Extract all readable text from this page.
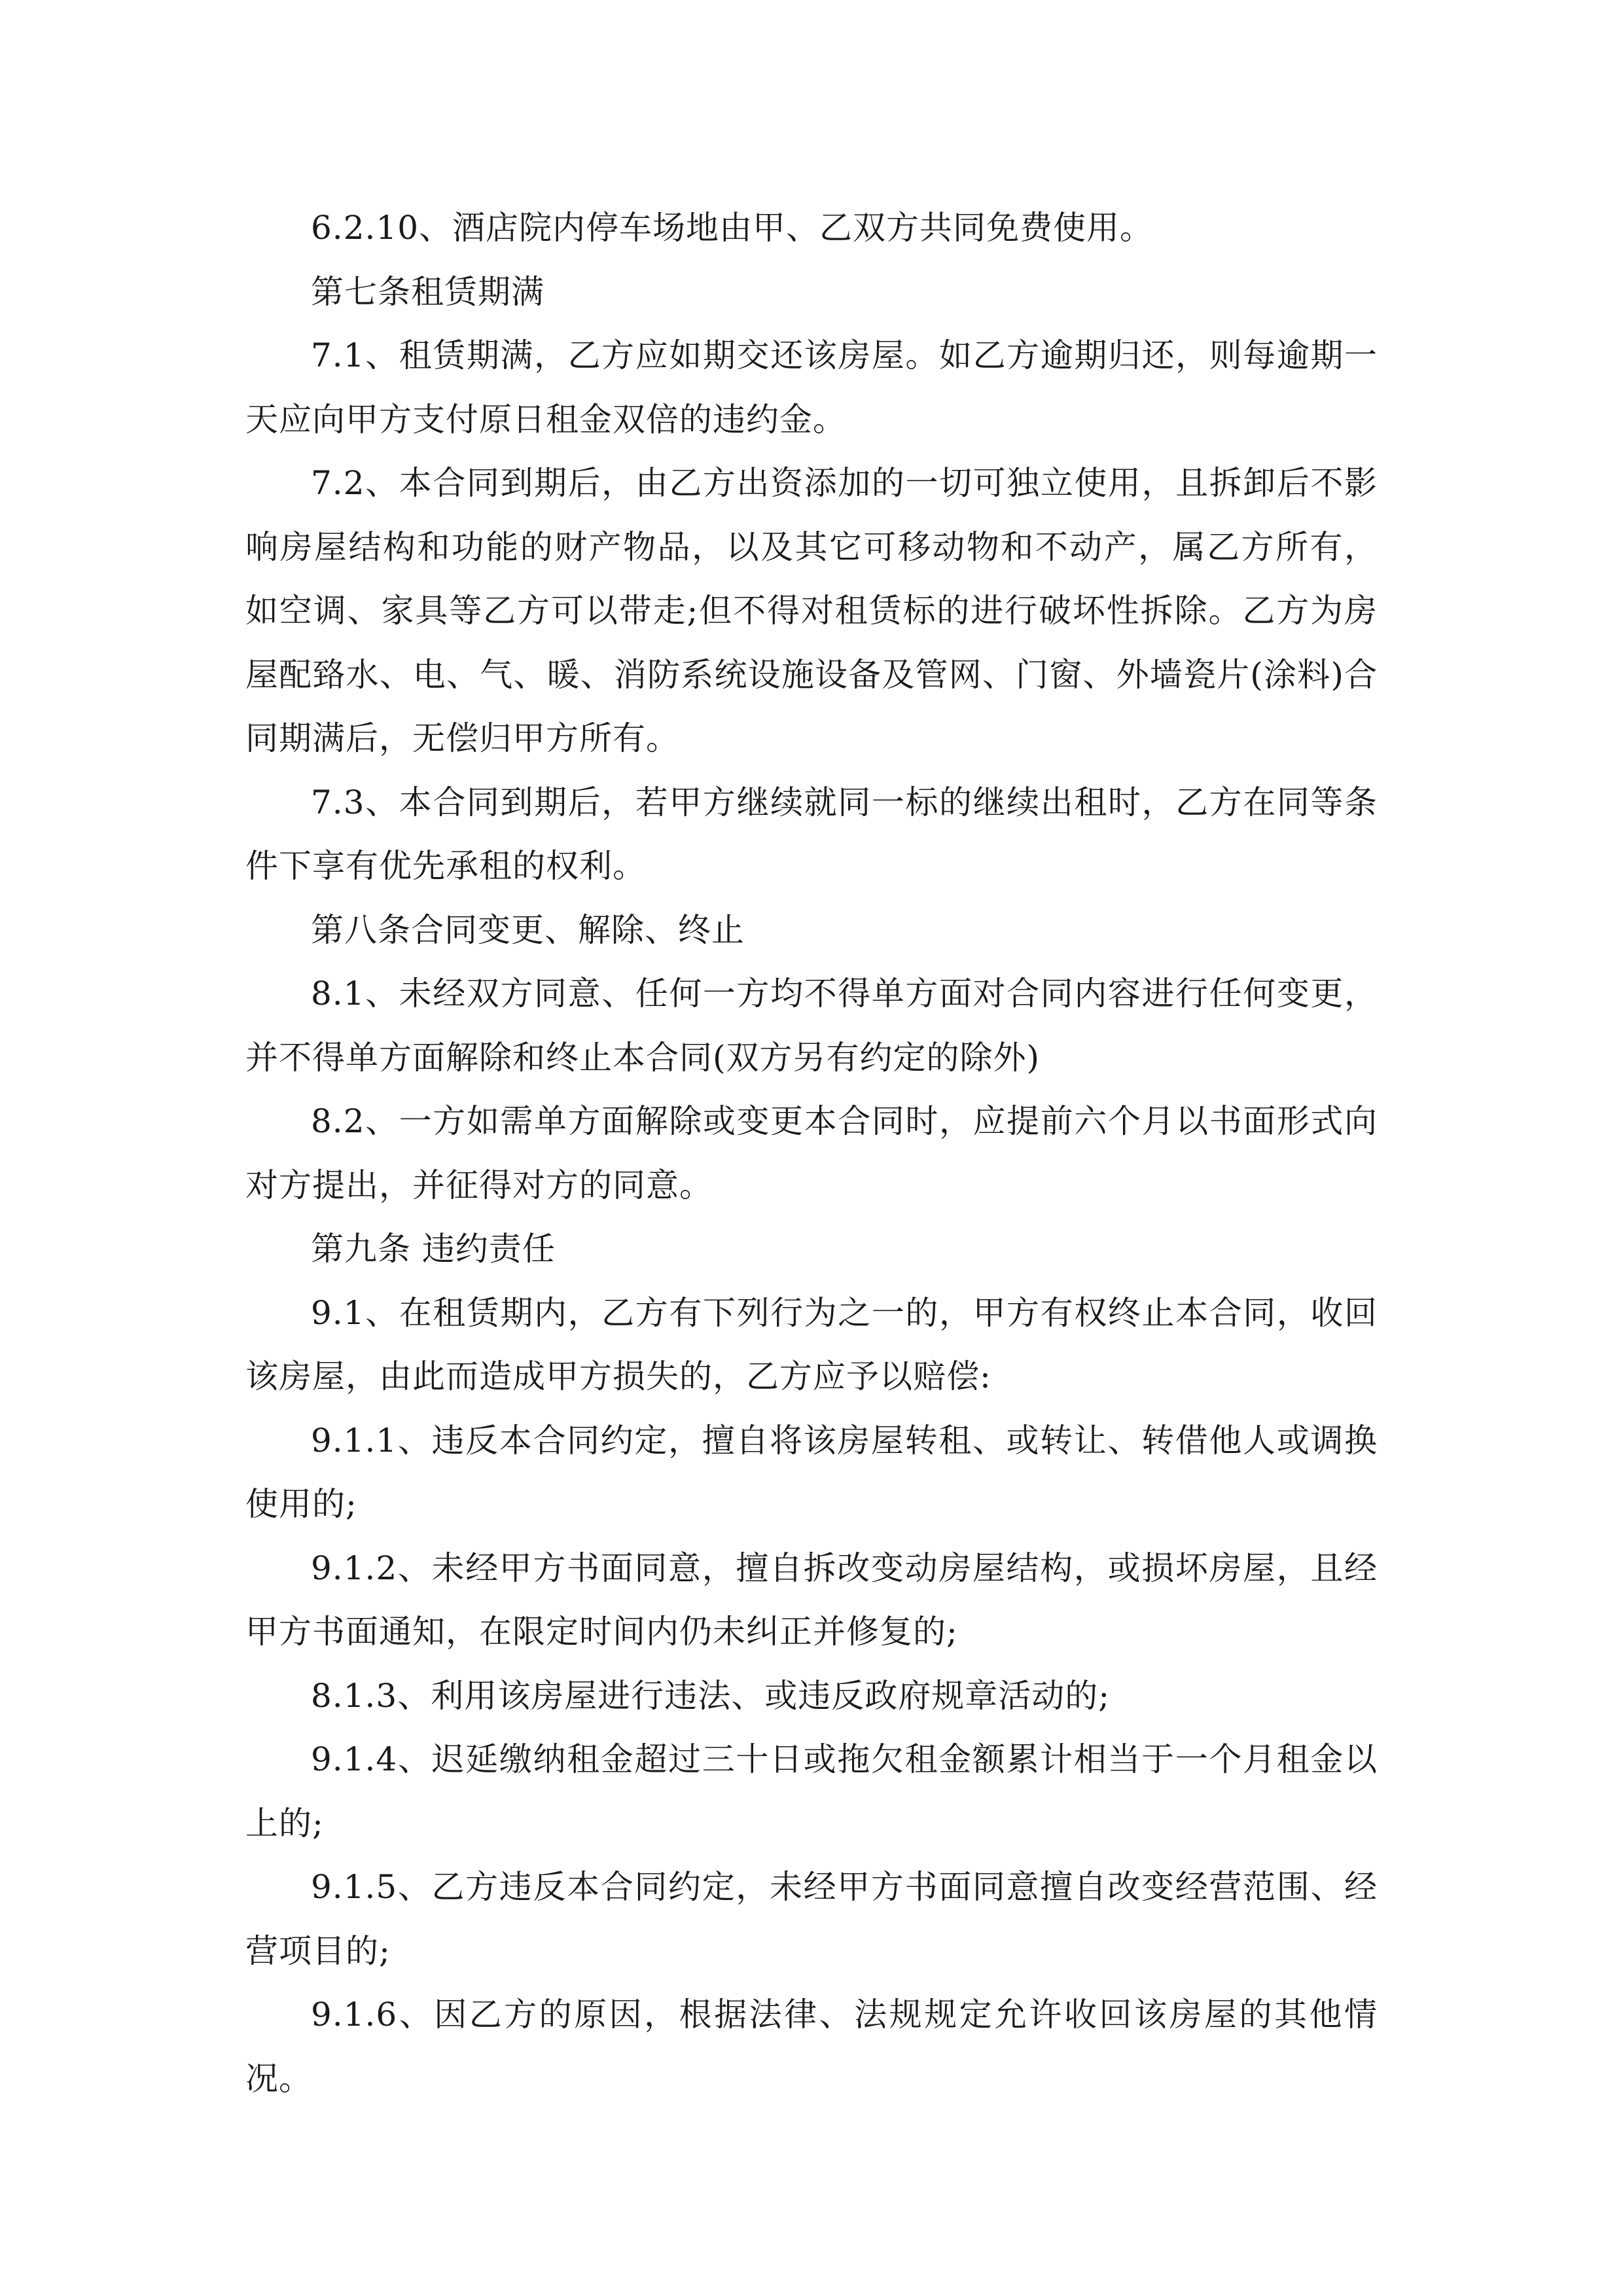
6.2.10、酒店院内停车场地由甲、乙双方共同免费使用。

第七条租赁期满

7.1、租赁期满，乙方应如期交还该房屋。如乙方逾期归还，则每逾期一天应向甲方支付原日租金双倍的违约金。

7.2、本合同到期后，由乙方出资添加的一切可独立使用，且拆卸后不影响房屋结构和功能的财产物品，以及其它可移动物和不动产，属乙方所有，如空调、家具等乙方可以带走;但不得对租赁标的进行破坏性拆除。乙方为房屋配臵水、电、气、暖、消防系统设施设备及管网、门窗、外墙瓷片(涂料)合同期满后，无偿归甲方所有。

7.3、本合同到期后，若甲方继续就同一标的继续出租时，乙方在同等条件下享有优先承租的权利。

第八条合同变更、解除、终止

8.1、未经双方同意、任何一方均不得单方面对合同内容进行任何变更，并不得单方面解除和终止本合同(双方另有约定的除外)

8.2、一方如需单方面解除或变更本合同时，应提前六个月以书面形式向对方提出，并征得对方的同意。

第九条 违约责任

9.1、在租赁期内，乙方有下列行为之一的，甲方有权终止本合同，收回该房屋，由此而造成甲方损失的，乙方应予以赔偿:

9.1.1、违反本合同约定，擅自将该房屋转租、或转让、转借他人或调换使用的;

9.1.2、未经甲方书面同意，擅自拆改变动房屋结构，或损坏房屋，且经甲方书面通知，在限定时间内仍未纠正并修复的;

8.1.3、利用该房屋进行违法、或违反政府规章活动的;

9.1.4、迟延缴纳租金超过三十日或拖欠租金额累计相当于一个月租金以上的;

9.1.5、乙方违反本合同约定，未经甲方书面同意擅自改变经营范围、经营项目的;

9.1.6、因乙方的原因，根据法律、法规规定允许收回该房屋的其他情况。
